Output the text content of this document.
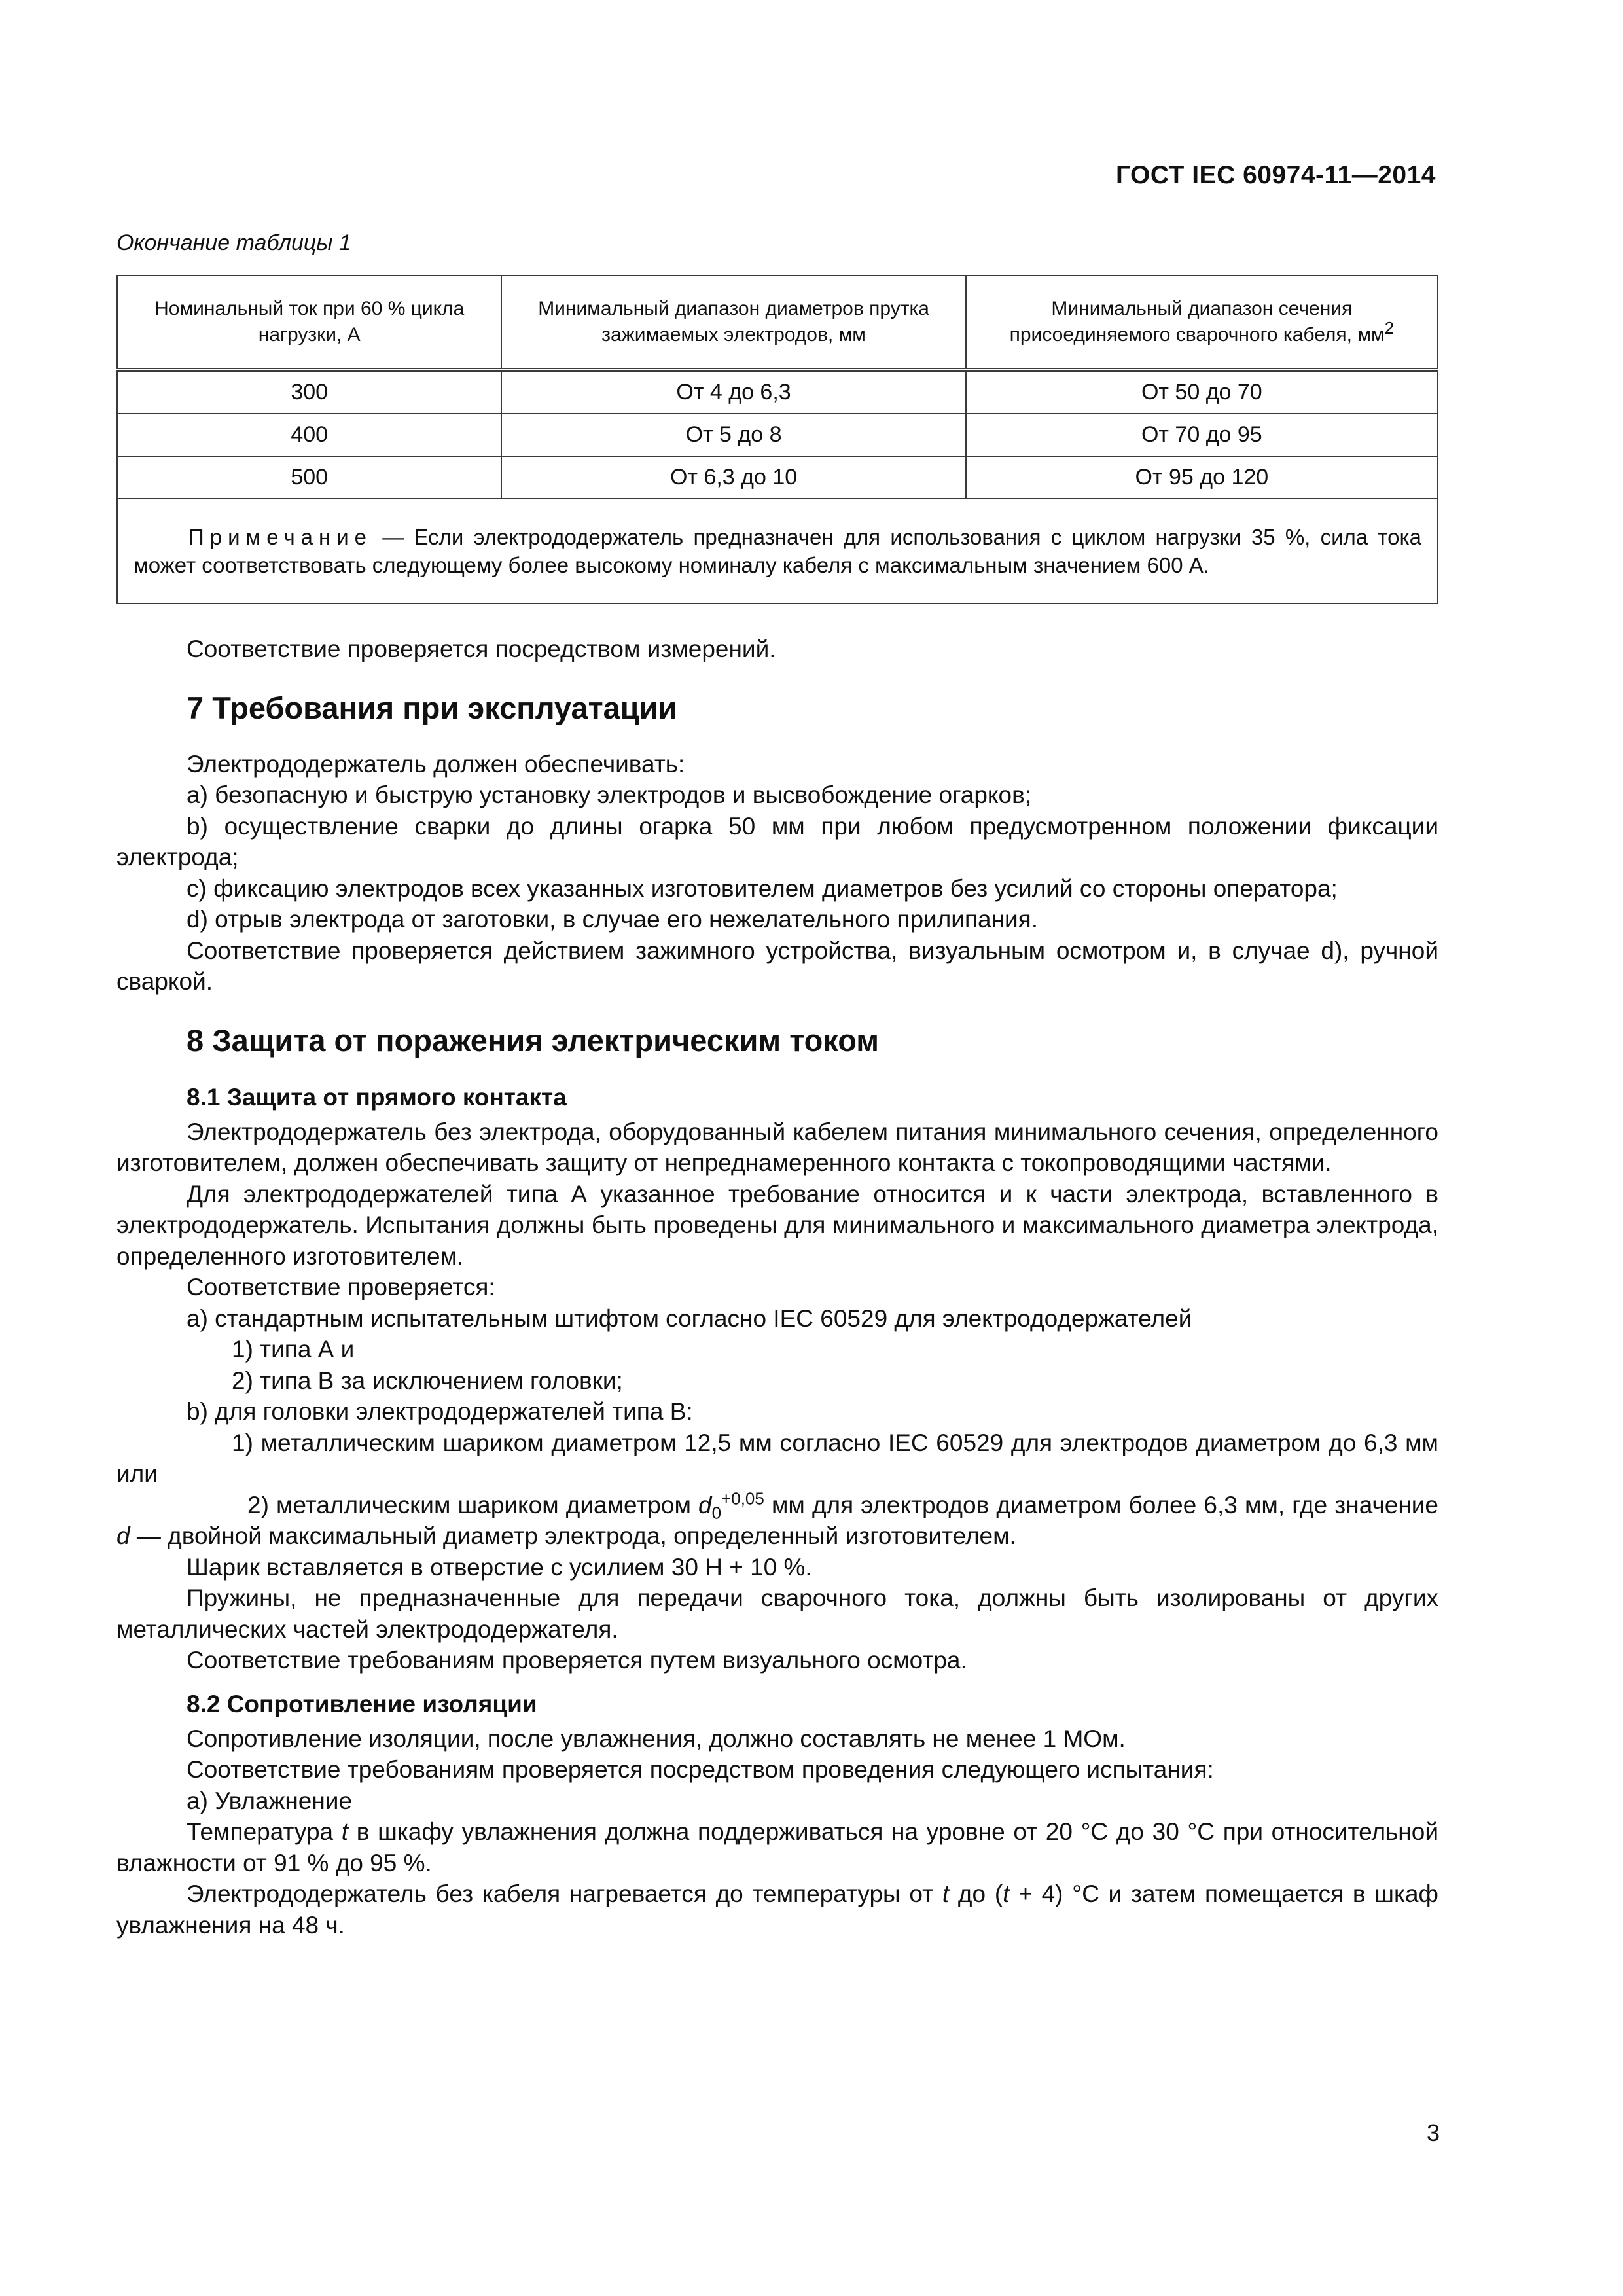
ГОСТ IEC 60974-11—2014
Окончание таблицы 1
Номинальный ток при 60 % цикла нагрузки, А	Минимальный диапазон диаметров прутка зажимаемых электродов, мм	Минимальный диапазон сечения присоединяемого сварочного кабеля, $мм^2$
300	От 4 до 6,3	От 50 до 70
400	От 5 до 8	От 70 до 95
500	От 6,3 до 10	От 95 до 120
Примечание — Если электрододержатель предназначен для использования с циклом нагрузки 35 %, сила тока может соответствовать следующему более высокому номиналу кабеля с максимальным значением 600 А.		

Соответствие проверяется посредством измерений.

7 Требования при эксплуатации

Электрододержатель должен обеспечивать:

a) безопасную и быструю установку электродов и высвобождение огарков;

b) осуществление сварки до длины огарка 50 мм при любом предусмотренном положении фиксации электрода;

c) фиксацию электродов всех указанных изготовителем диаметров без усилий со стороны оператора;

d) отрыв электрода от заготовки, в случае его нежелательного прилипания.

Соответствие проверяется действием зажимного устройства, визуальным осмотром и, в случае d), ручной сваркой.

8 Защита от поражения электрическим током
8.1 Защита от прямого контакта

Электрододержатель без электрода, оборудованный кабелем питания минимального сечения, определенного изготовителем, должен обеспечивать защиту от непреднамеренного контакта с токопроводящими частями.

Для электрододержателей типа А указанное требование относится и к части электрода, вставленного в электрододержатель. Испытания должны быть проведены для минимального и максимального диаметра электрода, определенного изготовителем.

Соответствие проверяется:

a) стандартным испытательным штифтом согласно IEC 60529 для электрододержателей

1) типа А и

2) типа В за исключением головки;

b) для головки электрододержателей типа В:

1) металлическим шариком диаметром 12,5 мм согласно IEC 60529 для электродов диаметром до 6,3 мм или

2) металлическим шариком диаметром $d_0^{+0,05}$ мм для электродов диаметром более 6,3 мм, где значение d — двойной максимальный диаметр электрода, определенный изготовителем.

Шарик вставляется в отверстие с усилием 30 Н + 10 %.

Пружины, не предназначенные для передачи сварочного тока, должны быть изолированы от других металлических частей электрододержателя.

Соответствие требованиям проверяется путем визуального осмотра.

8.2 Сопротивление изоляции

Сопротивление изоляции, после увлажнения, должно составлять не менее 1 МОм.

Соответствие требованиям проверяется посредством проведения следующего испытания:

a) Увлажнение

Температура t в шкафу увлажнения должна поддерживаться на уровне от 20 °С до 30 °С при относительной влажности от 91 % до 95 %.

Электрододержатель без кабеля нагревается до температуры от t до (t + 4) °С и затем помещается в шкаф увлажнения на 48 ч.

3
